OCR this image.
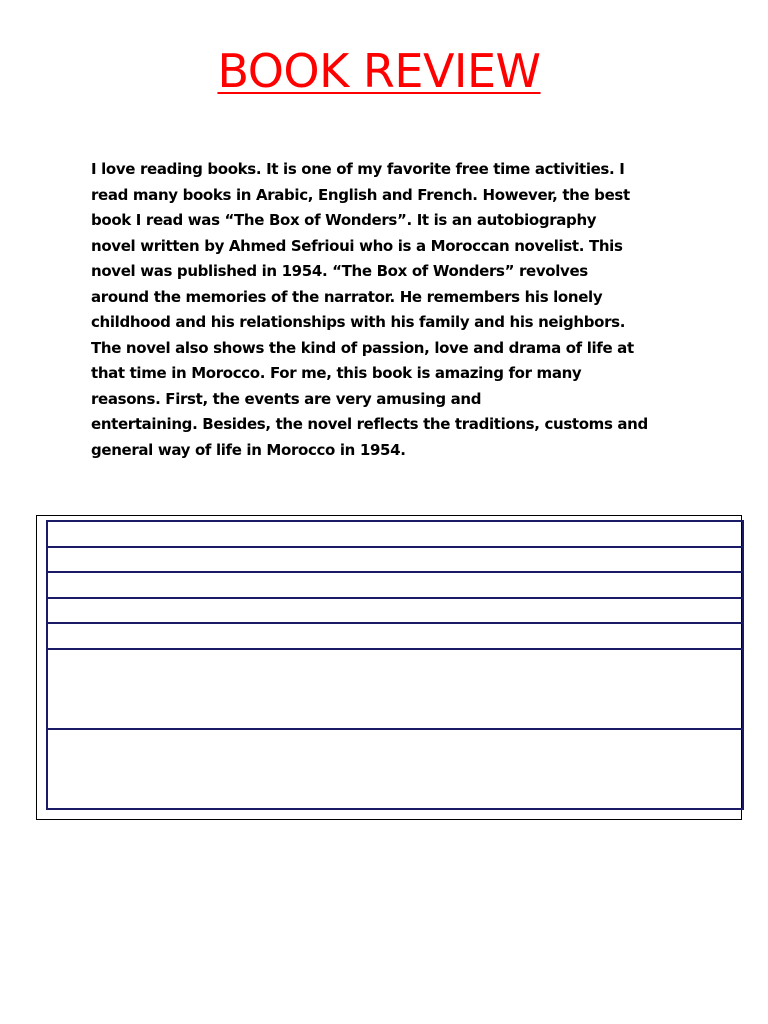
BOOK REVIEW
I love reading books. It is one of my favorite free time activities. I
read many books in Arabic, English and French. However, the best
book I read was “The Box of Wonders”. It is an autobiography
novel written by Ahmed Sefrioui who is a Moroccan novelist. This
novel was published in 1954. “The Box of Wonders” revolves
around the memories of the narrator. He remembers his lonely
childhood and his relationships with his family and his neighbors.
The novel also shows the kind of passion, love and drama of life at
that time in Morocco. For me, this book is amazing for many
reasons. First, the events are very amusing and
entertaining. Besides, the novel reflects the traditions, customs and
general way of life in Morocco in 1954.
